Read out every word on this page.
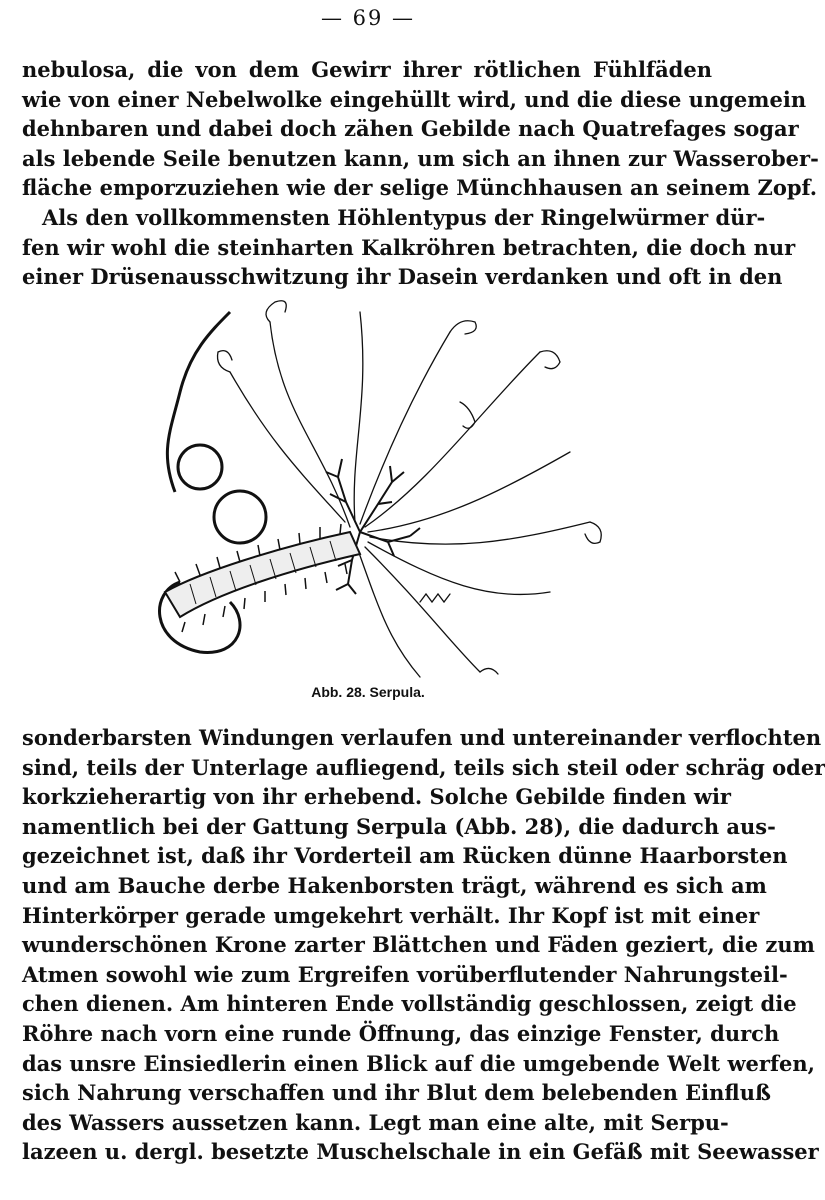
— 69 —
nebulosa, die von dem Gewirr ihrer rötlichen Fühlfäden
wie von einer Nebelwolke eingehüllt wird, und die diese ungemein
dehnbaren und dabei doch zähen Gebilde nach Quatrefages sogar
als lebende Seile benutzen kann, um sich an ihnen zur Wasserober-
fläche emporzuziehen wie der selige Münchhausen an seinem Zopf.
Als den vollkommensten Höhlentypus der Ringelwürmer dür-
fen wir wohl die steinharten Kalkröhren betrachten, die doch nur
einer Drüsenausschwitzung ihr Dasein verdanken und oft in den
Abb. 28. Serpula.
sonderbarsten Windungen verlaufen und untereinander verflochten
sind, teils der Unterlage aufliegend, teils sich steil oder schräg oder
korkzieherartig von ihr erhebend. Solche Gebilde finden wir
namentlich bei der Gattung Serpula (Abb. 28), die dadurch aus-
gezeichnet ist, daß ihr Vorderteil am Rücken dünne Haarborsten
und am Bauche derbe Hakenborsten trägt, während es sich am
Hinterkörper gerade umgekehrt verhält. Ihr Kopf ist mit einer
wunderschönen Krone zarter Blättchen und Fäden geziert, die zum
Atmen sowohl wie zum Ergreifen vorüberflutender Nahrungsteil-
chen dienen. Am hinteren Ende vollständig geschlossen, zeigt die
Röhre nach vorn eine runde Öffnung, das einzige Fenster, durch
das unsre Einsiedlerin einen Blick auf die umgebende Welt werfen,
sich Nahrung verschaffen und ihr Blut dem belebenden Einfluß
des Wassers aussetzen kann. Legt man eine alte, mit Serpu-
lazeen u. dergl. besetzte Muschelschale in ein Gefäß mit Seewasser
